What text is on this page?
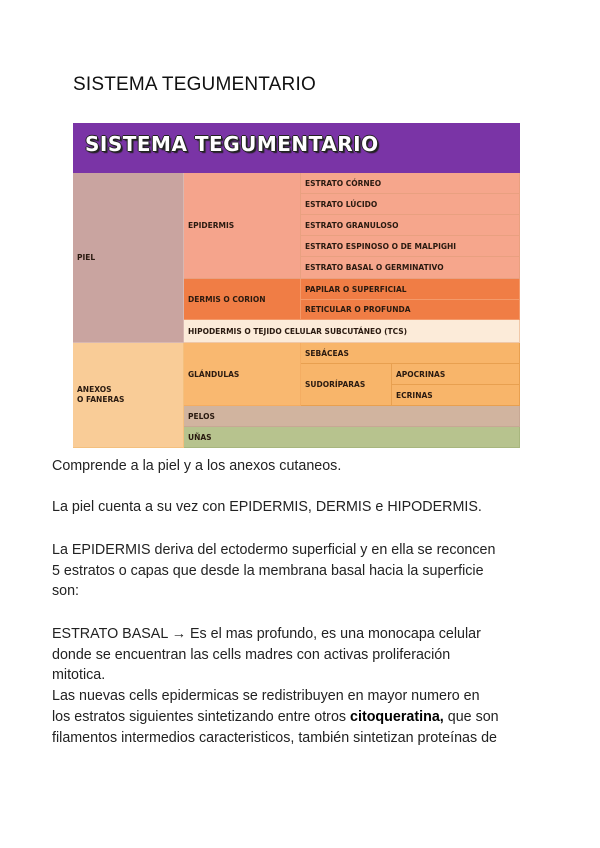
SISTEMA TEGUMENTARIO
SISTEMA TEGUMENTARIO
PIEL
EPIDERMIS
ESTRATO CÓRNEO
ESTRATO LÚCIDO
ESTRATO GRANULOSO
ESTRATO ESPINOSO O DE MALPIGHI
ESTRATO BASAL O GERMINATIVO
DERMIS O CORION
PAPILAR O SUPERFICIAL
RETICULAR O PROFUNDA
HIPODERMIS O TEJIDO CELULAR SUBCUTÁNEO (TCS)
ANEXOS
O FANERAS
GLÁNDULAS
SEBÁCEAS
SUDORÍPARAS
APOCRINAS
ECRINAS
PELOS
UÑAS
Comprende a la piel y a los anexos cutaneos.
La piel cuenta a su vez con EPIDERMIS, DERMIS e HIPODERMIS.
La EPIDERMIS deriva del ectodermo superficial y en ella se reconcen
5 estratos o capas que desde la membrana basal hacia la superficie
son:
ESTRATO BASAL → Es el mas profundo, es una monocapa celular
donde se encuentran las cells madres con activas proliferación
mitotica.
Las nuevas cells epidermicas se redistribuyen en mayor numero en
los estratos siguientes sintetizando entre otros citoqueratina, que son
filamentos intermedios caracteristicos, también sintetizan proteínas de
